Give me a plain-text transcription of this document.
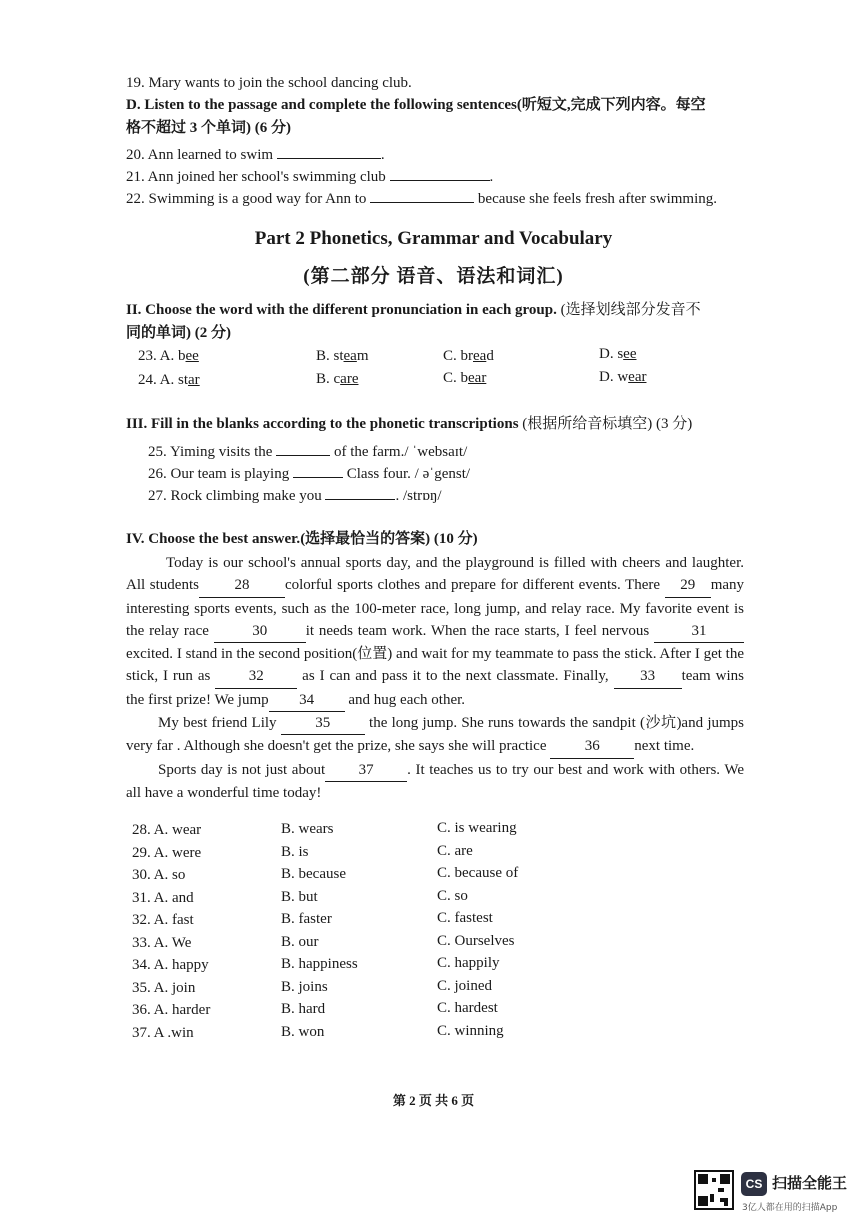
19. Mary wants to join the school dancing club.
D. Listen to the passage and complete the following sentences(听短文,完成下列内容。每空
格不超过 3 个单词) (6 分)
20. Ann learned to swim	.
21. Ann joined her school's swimming club	.
22. Swimming is a good way for Ann to	because she feels fresh after swimming.
Part 2 Phonetics, Grammar and Vocabulary
(第二部分 语音、语法和词汇)
II. Choose the word with the different pronunciation in each group. (选择划线部分发音不
同的单词) (2 分)
23. A. bee	B. steam	C. bread	D. see
24. A. star	B. care	C. bear	D. wear
III. Fill in the blanks according to the phonetic transcriptions (根据所给音标填空) (3 分)
25. Yiming visits the	of the farm./ ˈwebsaɪt/
26. Our team is playing	Class four. / əˈgenst/
27. Rock climbing make you	. /strɒŋ/
IV. Choose the best answer.(选择最恰当的答案) (10 分)

Today is our school's annual sports day, and the playground is filled with cheers and laughter. All students 28 colorful sports clothes and prepare for different events. There 29 many interesting sports events, such as the 100-meter race, long jump, and relay race. My favorite event is the relay race	30	it needs team work. When the race starts, I feel nervous	31excited. I stand in the second position(位置) and wait for my teammate to pass the stick. After I get the stick, I run as	32	as I can and pass it to the next classmate. Finally, 33 team wins the first prize! We jump 34 and hug each other.

My best friend Lily	35	the long jump. She runs towards the sandpit (沙坑)and jumps very far . Although she doesn't get the prize, she says she will practice	36 next time.

Sports day is not just about 37 . It teaches us to try our best and work with others. We all have a wonderful time today!

28. A. wear	B. wears	C. is wearing
29. A. were	B. is	C. are
30. A. so	B. because	C. because of
31. A. and	B. but	C. so
32. A. fast	B. faster	C. fastest
33. A. We	B. our	C. Ourselves
34. A. happy	B. happiness	C. happily
35. A. join	B. joins	C. joined
36. A. harder	B. hard	C. hardest
37. A .win	B. won	C. winning
第 2 页 共 6 页
CS 扫描全能王
3亿人都在用的扫描App
